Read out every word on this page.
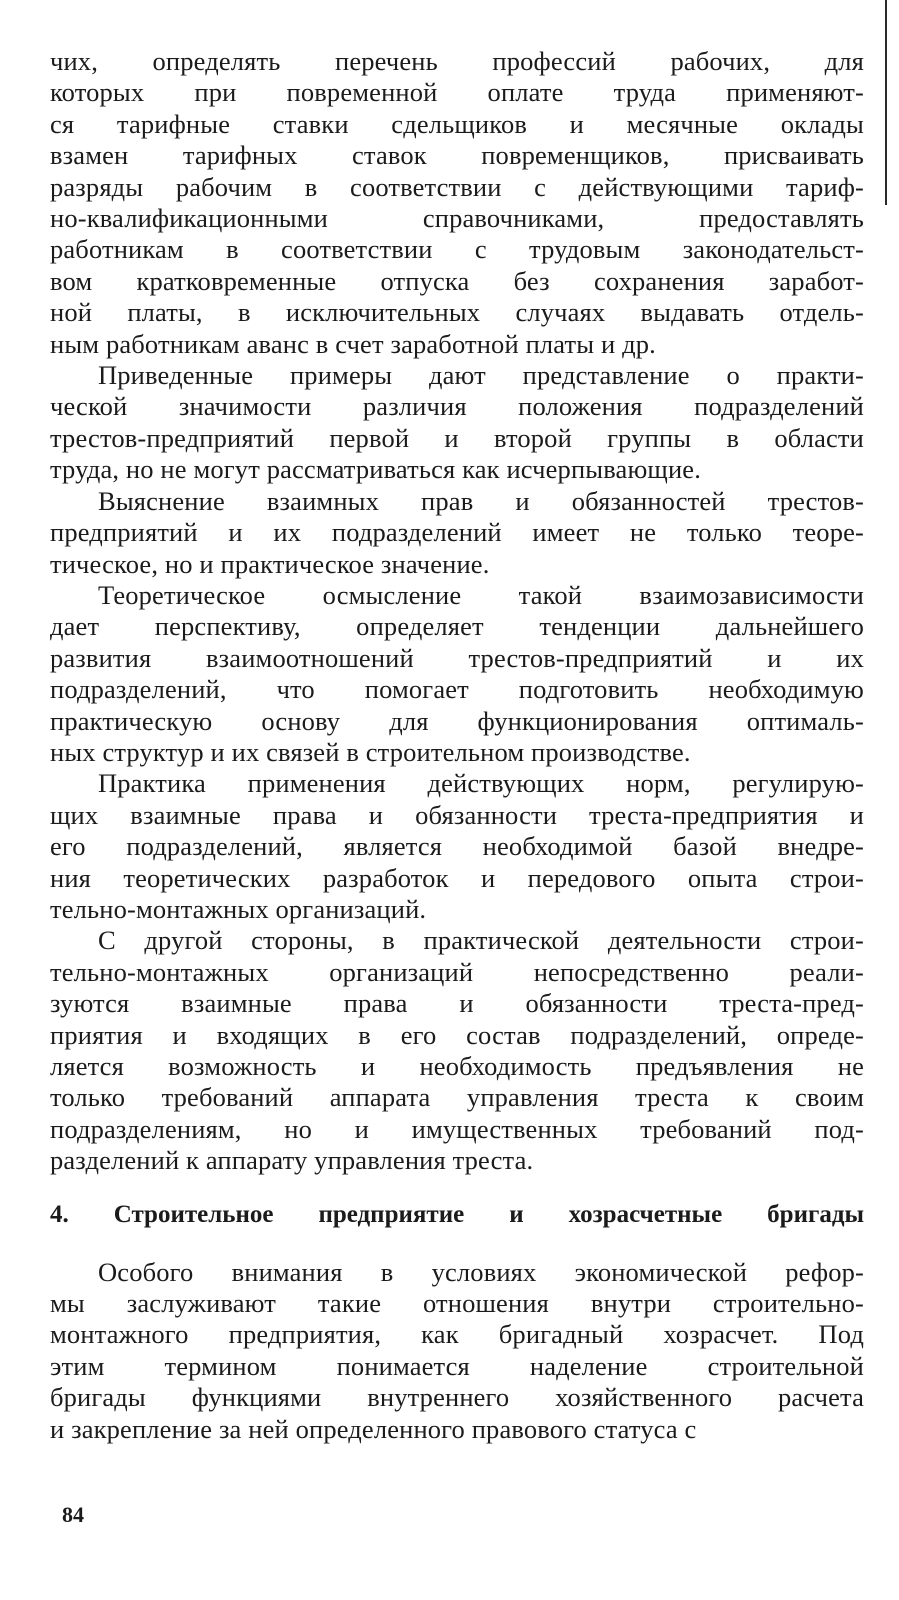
чих, определять перечень профессий рабочих, для

которых при повременной оплате труда применяют-

ся тарифные ставки сдельщиков и месячные оклады

взамен тарифных ставок повременщиков, присваивать

разряды рабочим в соответствии с действующими тариф-

но-квалификационными справочниками, предоставлять

работникам в соответствии с трудовым законодательст-

вом кратковременные отпуска без сохранения заработ-

ной платы, в исключительных случаях выдавать отдель-

ным работникам аванс в счет заработной платы и др.

Приведенные примеры дают представление о практи-

ческой значимости различия положения подразделений

трестов-предприятий первой и второй группы в области

труда, но не могут рассматриваться как исчерпывающие.

Выяснение взаимных прав и обязанностей трестов-

предприятий и их подразделений имеет не только теоре-

тическое, но и практическое значение.

Теоретическое осмысление такой взаимозависимости

дает перспективу, определяет тенденции дальнейшего

развития взаимоотношений трестов-предприятий и их

подразделений, что помогает подготовить необходимую

практическую основу для функционирования оптималь-

ных структур и их связей в строительном производстве.

Практика применения действующих норм, регулирую-

щих взаимные права и обязанности треста-предприятия и

его подразделений, является необходимой базой внедре-

ния теоретических разработок и передового опыта строи-

тельно-монтажных организаций.

С другой стороны, в практической деятельности строи-

тельно-монтажных организаций непосредственно реали-

зуются взаимные права и обязанности треста-пред-

приятия и входящих в его состав подразделений, опреде-

ляется возможность и необходимость предъявления не

только требований аппарата управления треста к своим

подразделениям, но и имущественных требований под-

разделений к аппарату управления треста.

4. Строительное предприятие и хозрасчетные бригады

Особого внимания в условиях экономической рефор-

мы заслуживают такие отношения внутри строительно-

монтажного предприятия, как бригадный хозрасчет. Под

этим термином понимается наделение строительной

бригады функциями внутреннего хозяйственного расчета

и закрепление за ней определенного правового статуса с

84
